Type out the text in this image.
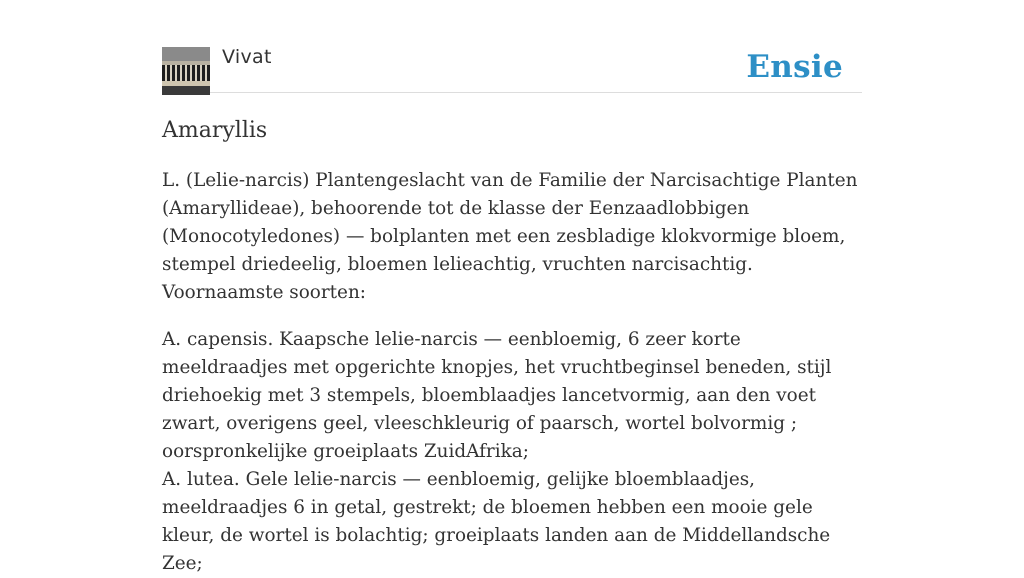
Vivat	Ensie
Amaryllis

L. (Lelie-narcis) Plantengeslacht van de Familie der Narcisachtige Planten (Amaryllideae), behoorende tot de klasse der Eenzaadlobbigen (Monocotyledones) — bolplanten met een zesbladige klokvormige bloem, stempel driedeelig, bloemen lelieachtig, vruchten narcisachtig. Voornaamste soorten:

A. capensis. Kaapsche lelie-narcis — eenbloemig, 6 zeer korte meeldraadjes met opgerichte knopjes, het vruchtbeginsel beneden, stijl driehoekig met 3 stempels, bloemblaadjes lancetvormig, aan den voet zwart, overigens geel, vleeschkleurig of paarsch, wortel bolvormig ; oorspronkelijke groeiplaats ZuidAfrika;
A. lutea. Gele lelie-narcis — eenbloemig, gelijke bloemblaadjes, meeldraadjes 6 in getal, gestrekt; de bloemen hebben een mooie gele kleur, de wortel is bolachtig; groeiplaats landen aan de Middellandsche Zee;
